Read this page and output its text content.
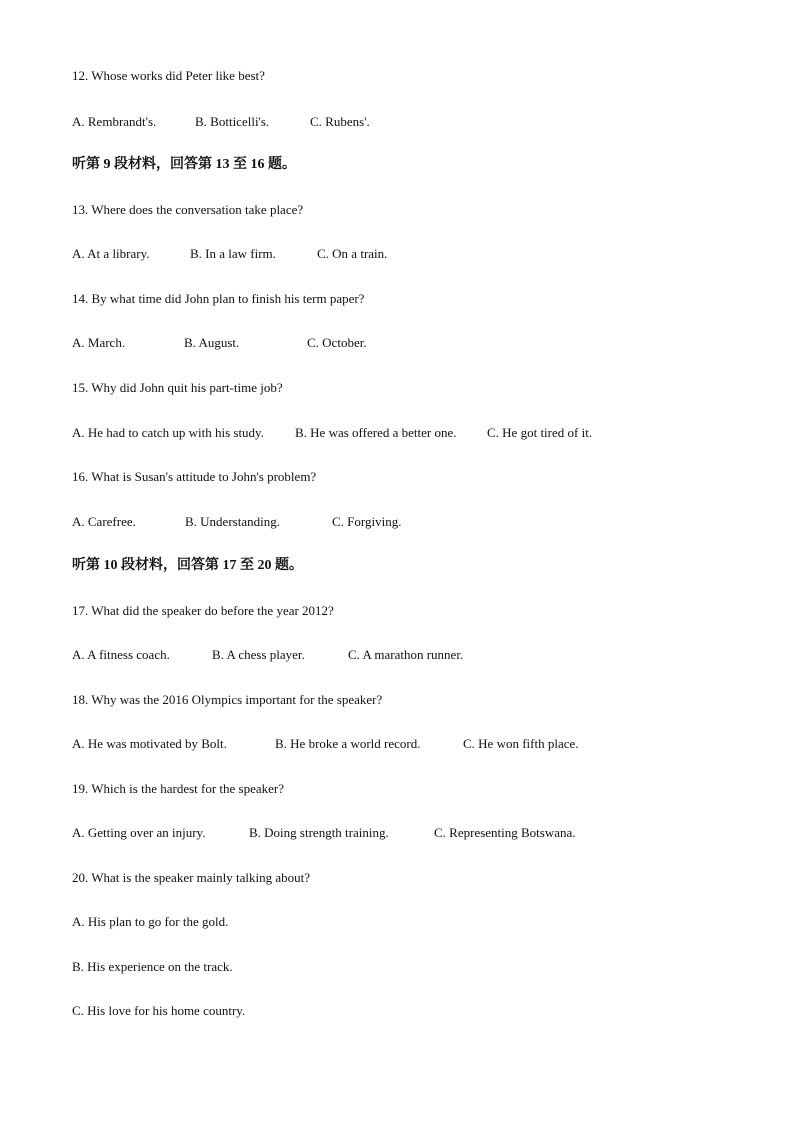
12. Whose works did Peter like best?
A. Rembrandt's.	B. Botticelli's.	C. Rubens'.
听第 9 段材料，回答第 13 至 16 题。
13. Where does the conversation take place?
A. At a library.	B. In a law firm.	C. On a train.
14. By what time did John plan to finish his term paper?
A. March.	B. August.	C. October.
15. Why did John quit his part-time job?
A. He had to catch up with his study. B. He was offered a better one. C. He got tired of it.
16. What is Susan's attitude to John's problem?
A. Carefree.	B. Understanding.	C. Forgiving.
听第 10 段材料，回答第 17 至 20 题。
17. What did the speaker do before the year 2012?
A. A fitness coach.	B. A chess player.	C. A marathon runner.
18. Why was the 2016 Olympics important for the speaker?
A. He was motivated by Bolt.	B. He broke a world record.	C. He won fifth place.
19. Which is the hardest for the speaker?
A. Getting over an injury.	B. Doing strength training.	C. Representing Botswana.
20. What is the speaker mainly talking about?
A. His plan to go for the gold.
B. His experience on the track.
C. His love for his home country.
